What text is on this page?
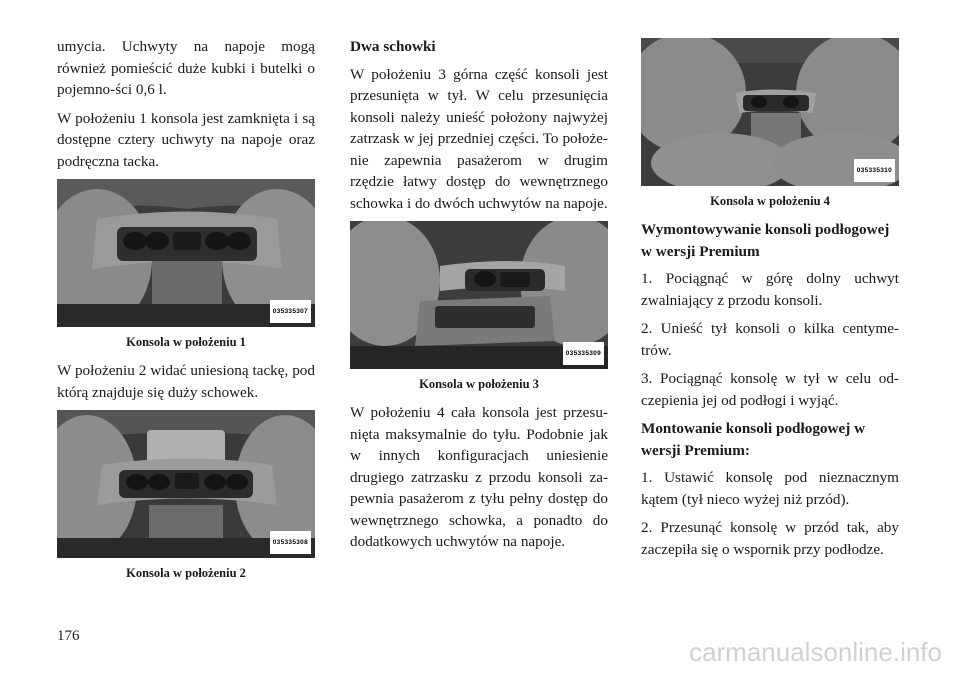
umycia. Uchwyty na napoje mogą również pomieścić duże kubki i butelki o pojemno-ści 0,6 l.

W położeniu 1 konsola jest zamknięta i są dostępne cztery uchwyty na napoje oraz podręczna tacka.

035335307
Konsola w położeniu 1

W położeniu 2 widać uniesioną tackę, pod którą znajduje się duży schowek.

035335308
Konsola w położeniu 2
Dwa schowki

W położeniu 3 górna część konsoli jest przesunięta w tył. W celu przesunięcia konsoli należy unieść położony najwyżej zatrzask w jej przedniej części. To położe-nie zapewnia pasażerom w drugim rzędzie łatwy dostęp do wewnętrznego schowka i do dwóch uchwytów na napoje.

035335309
Konsola w położeniu 3

W położeniu 4 cała konsola jest przesu-nięta maksymalnie do tyłu. Podobnie jak w innych konfiguracjach uniesienie drugiego zatrzasku z przodu konsoli za-pewnia pasażerom z tyłu pełny dostęp do wewnętrznego schowka, a ponadto do dodatkowych uchwytów na napoje.

035335310
Konsola w położeniu 4
Wymontowywanie konsoli podłogowej w wersji Premium

1. Pociągnąć w górę dolny uchwyt zwalniający z przodu konsoli.

2. Unieść tył konsoli o kilka centyme-trów.

3. Pociągnąć konsolę w tył w celu od-czepienia jej od podłogi i wyjąć.

Montowanie konsoli podłogowej w wersji Premium:

1. Ustawić konsolę pod nieznacznym kątem (tył nieco wyżej niż przód).

2. Przesunąć konsolę w przód tak, aby zaczepiła się o wspornik przy podłodze.

176
carmanualsonline.info
